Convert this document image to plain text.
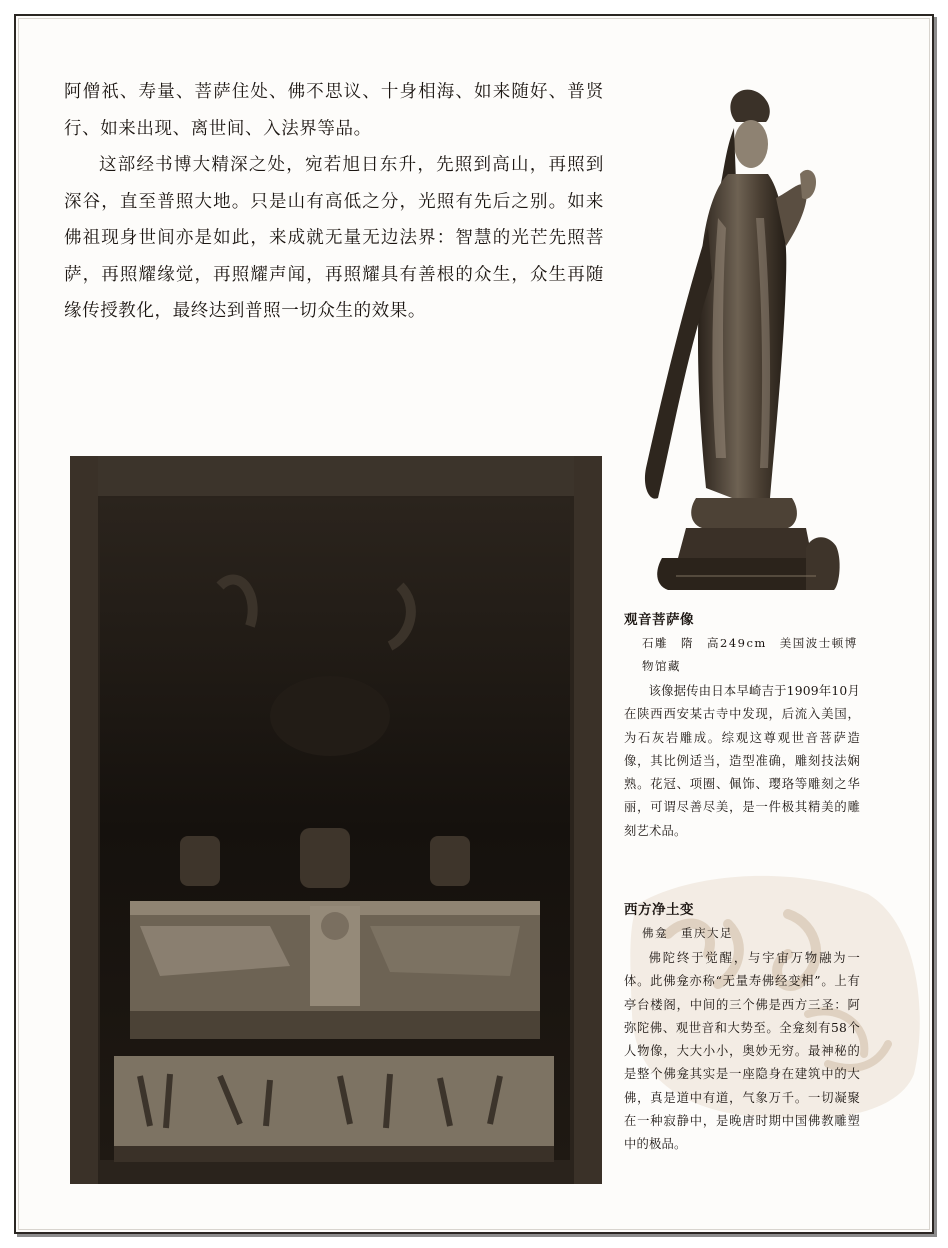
阿僧祇、寿量、菩萨住处、佛不思议、十身相海、如来随好、普贤行、如来出现、离世间、入法界等品。

这部经书博大精深之处，宛若旭日东升，先照到高山，再照到深谷，直至普照大地。只是山有高低之分，光照有先后之别。如来佛祖现身世间亦是如此，来成就无量无边法界：智慧的光芒先照菩萨，再照耀缘觉，再照耀声闻，再照耀具有善根的众生，众生再随缘传授教化，最终达到普照一切众生的效果。

观音菩萨像
石雕　隋　高249cm　美国波士顿博物馆藏
该像据传由日本早崎吉于1909年10月在陕西西安某古寺中发现，后流入美国，为石灰岩雕成。综观这尊观世音菩萨造像，其比例适当，造型准确，雕刻技法娴熟。花冠、项圈、佩饰、璎珞等雕刻之华丽，可谓尽善尽美，是一件极其精美的雕刻艺术品。
西方净土变
佛龛　重庆大足
佛陀终于觉醒，与宇宙万物融为一体。此佛龛亦称“无量寿佛经变相”。上有亭台楼阁，中间的三个佛是西方三圣：阿弥陀佛、观世音和大势至。全龛刻有58个人物像，大大小小，奥妙无穷。最神秘的是整个佛龛其实是一座隐身在建筑中的大佛，真是道中有道，气象万千。一切凝聚在一种寂静中，是晚唐时期中国佛教雕塑中的极品。
